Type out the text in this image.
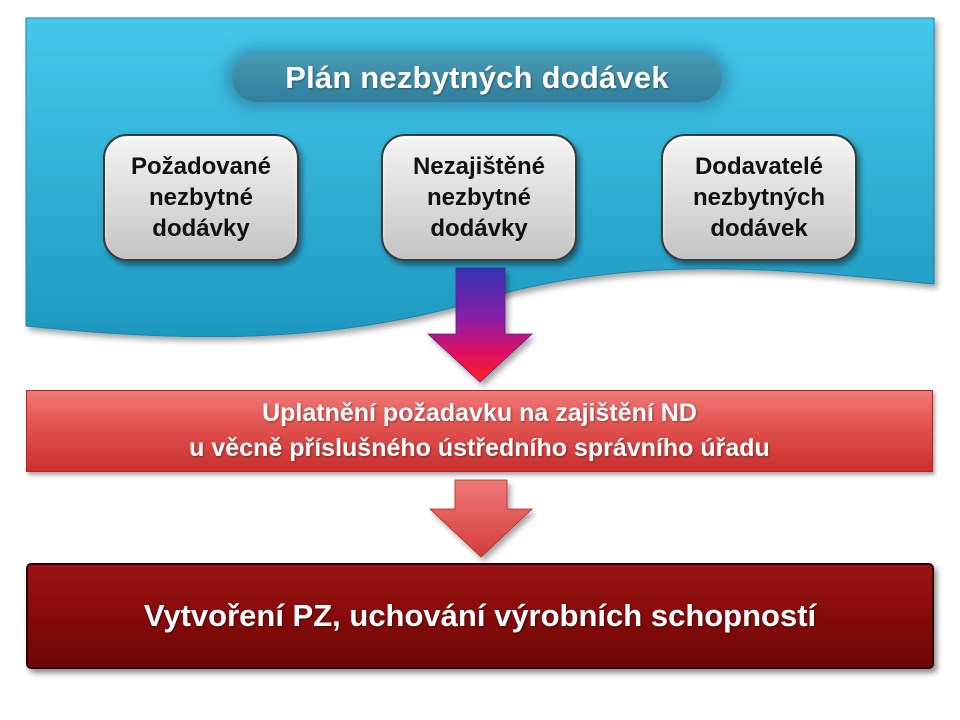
Plán nezbytných dodávek
Požadované
nezbytné
dodávky
Nezajištěné
nezbytné
dodávky
Dodavatelé
nezbytných
dodávek
Uplatnění požadavku na zajištění ND
u věcně příslušného ústředního správního úřadu
Vytvoření PZ, uchování výrobních schopností
